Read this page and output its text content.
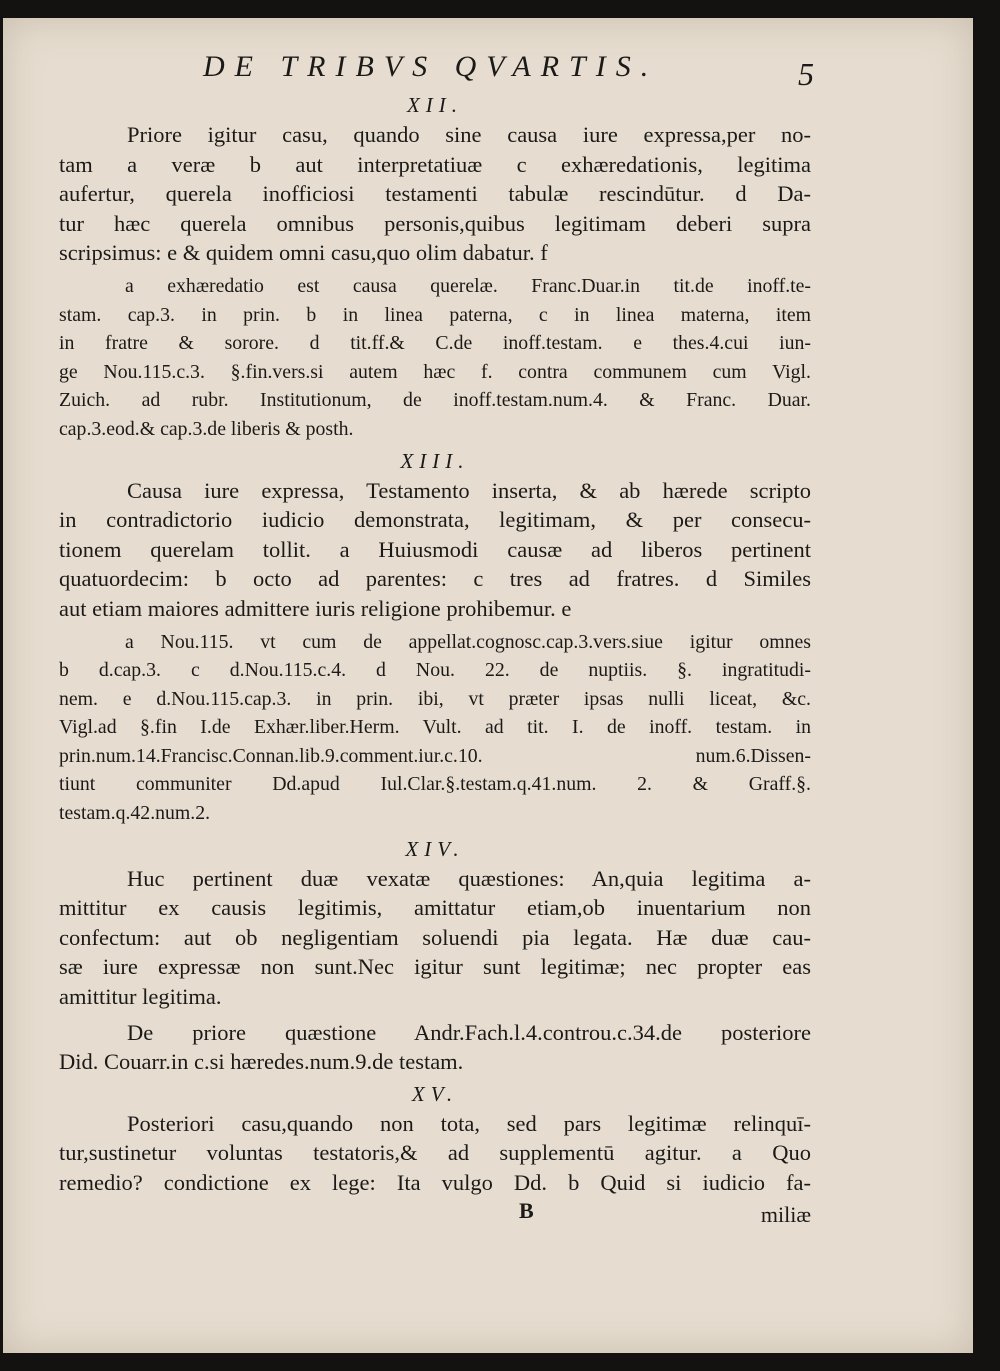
DE TRIBVS QVARTIS.	5
XII.
Priore igitur casu, quando sine causa iure expressa,per no-
tam a veræ b aut interpretatiuæ c exhæredationis, legitima
aufertur, querela inofficiosi testamenti tabulæ rescindūtur. d Da-
tur hæc querela omnibus personis,quibus legitimam deberi supra
scripsimus: e & quidem omni casu,quo olim dabatur. f
a exhæredatio est causa querelæ. Franc.Duar.in tit.de inoff.te-
stam. cap.3. in prin. b in linea paterna, c in linea materna, item
in fratre & sorore. d tit.ff.& C.de inoff.testam. e thes.4.cui iun-
ge Nou.115.c.3. §.fin.vers.si autem hæc f. contra communem cum Vigl.
Zuich. ad rubr. Institutionum, de inoff.testam.num.4. & Franc. Duar.
cap.3.eod.& cap.3.de liberis & posth.
XIII.
Causa iure expressa, Testamento inserta, & ab hærede scripto
in contradictorio iudicio demonstrata, legitimam, & per consecu-
tionem querelam tollit. a Huiusmodi causæ ad liberos pertinent
quatuordecim: b octo ad parentes: c tres ad fratres. d Similes
aut etiam maiores admittere iuris religione prohibemur. e
a Nou.115. vt cum de appellat.cognosc.cap.3.vers.siue igitur omnes
b d.cap.3. c d.Nou.115.c.4. d Nou. 22. de nuptiis. §. ingratitudi-
nem. e d.Nou.115.cap.3. in prin. ibi, vt præter ipsas nulli liceat, &c.
Vigl.ad §.fin I.de Exhær.liber.Herm. Vult. ad tit. I. de inoff. testam. in
prin.num.14.Francisc.Connan.lib.9.comment.iur.c.10. num.6.Dissen-
tiunt communiter Dd.apud Iul.Clar.§.testam.q.41.num. 2. & Graff.§.
testam.q.42.num.2.
XIV.
Huc pertinent duæ vexatæ quæstiones: An,quia legitima a-
mittitur ex causis legitimis, amittatur etiam,ob inuentarium non
confectum: aut ob negligentiam soluendi pia legata. Hæ duæ cau-
sæ iure expressæ non sunt.Nec igitur sunt legitimæ; nec propter eas
amittitur legitima.
De priore quæstione Andr.Fach.l.4.controu.c.34.de posteriore
Did. Couarr.in c.si hæredes.num.9.de testam.
XV.
Posteriori casu,quando non tota, sed pars legitimæ relinquī-
tur,sustinetur voluntas testatoris,& ad supplementū agitur. a Quo
remedio? condictione ex lege: Ita vulgo Dd. b Quid si iudicio fa-
B	miliæ
